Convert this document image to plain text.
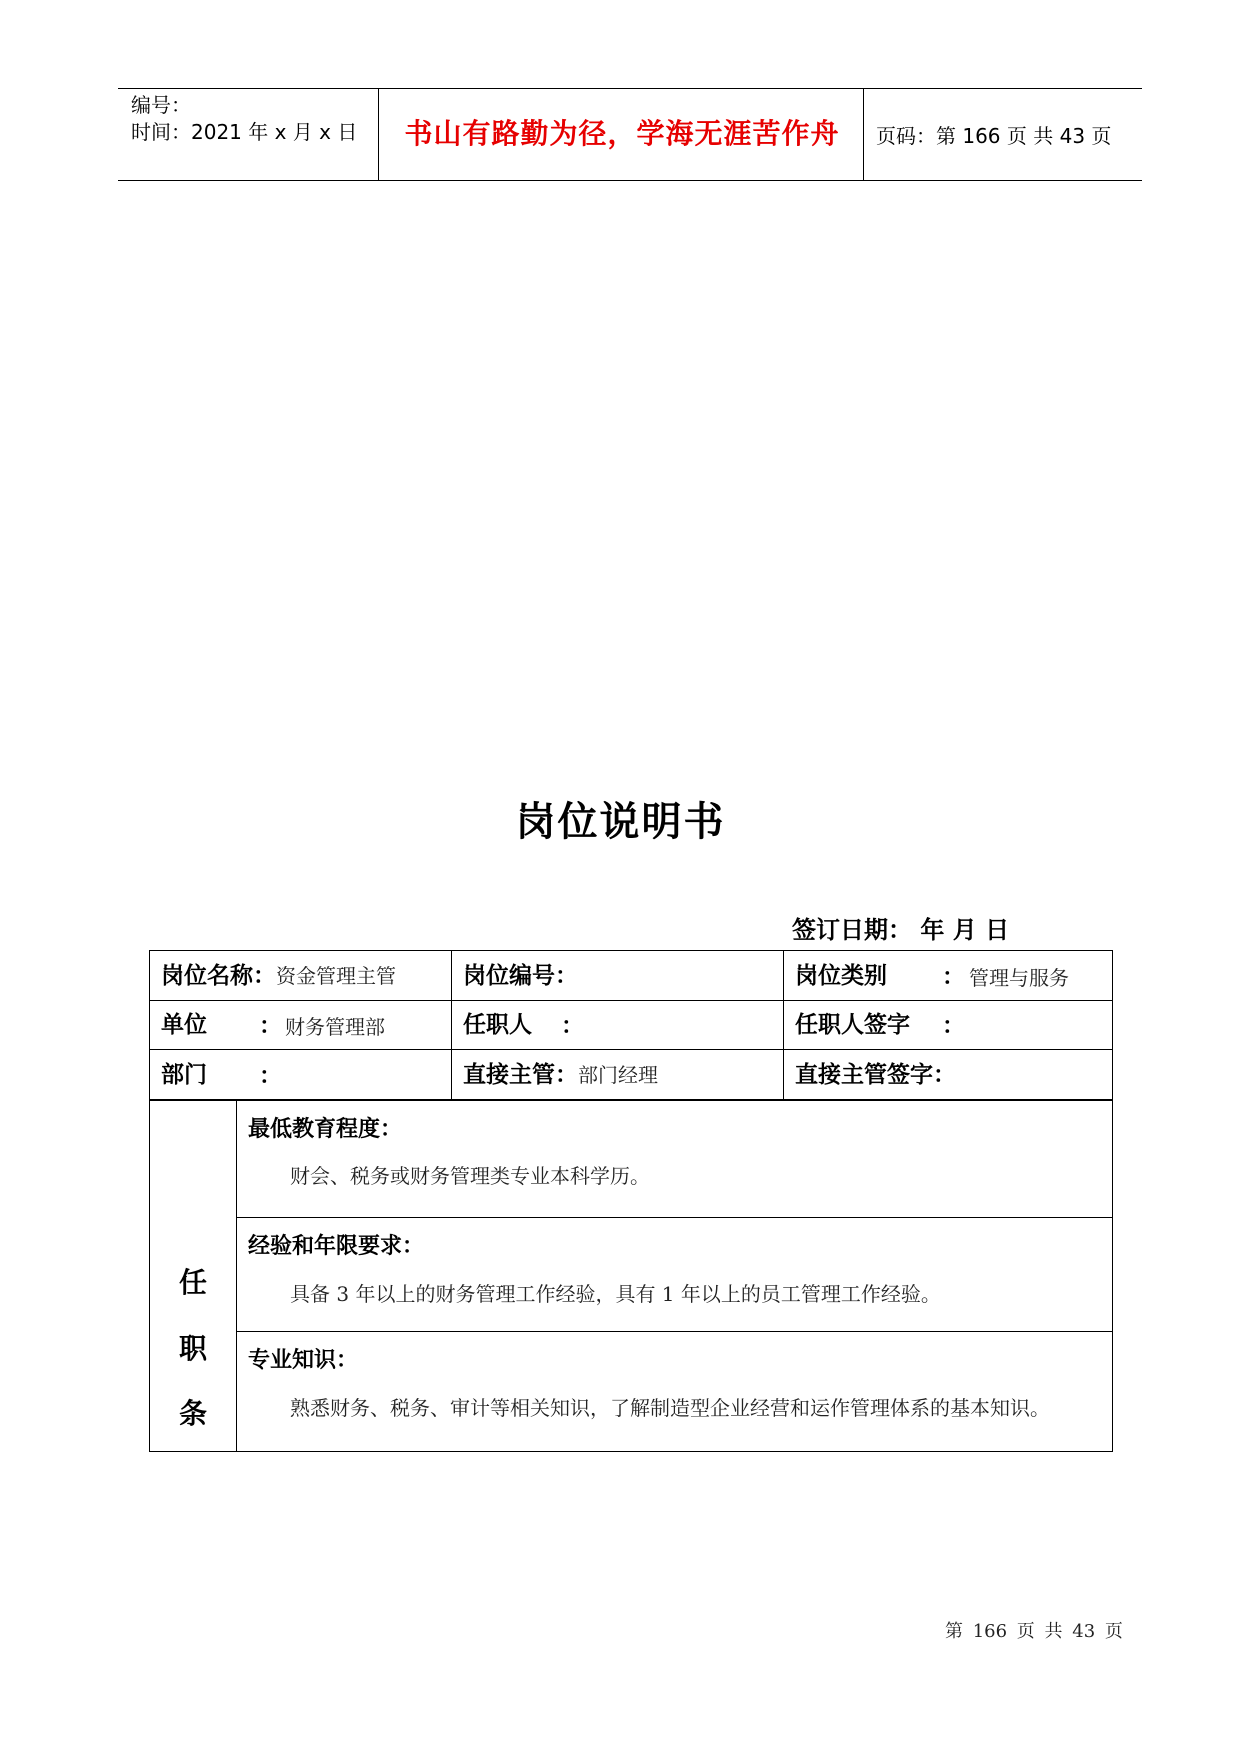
编号：
时间：2021 年 x 月 x 日	书山有路勤为径，学海无涯苦作舟	页码：第 166 页 共 43 页
岗位说明书
签订日期： 年 月 日
岗位名称：资金管理主管	岗位编号：	岗位类别 ： 管理与服务
单位 ： 财务管理部	任职人 ：	任职人签字 ：
部门 ：	直接主管：部门经理	直接主管签字：
任
职
条
最低教育程度：
财会、税务或财务管理类专业本科学历。
经验和年限要求：
具备 3 年以上的财务管理工作经验，具有 1 年以上的员工管理工作经验。
专业知识：
熟悉财务、税务、审计等相关知识，了解制造型企业经营和运作管理体系的基本知识。
第 166 页 共 43 页
